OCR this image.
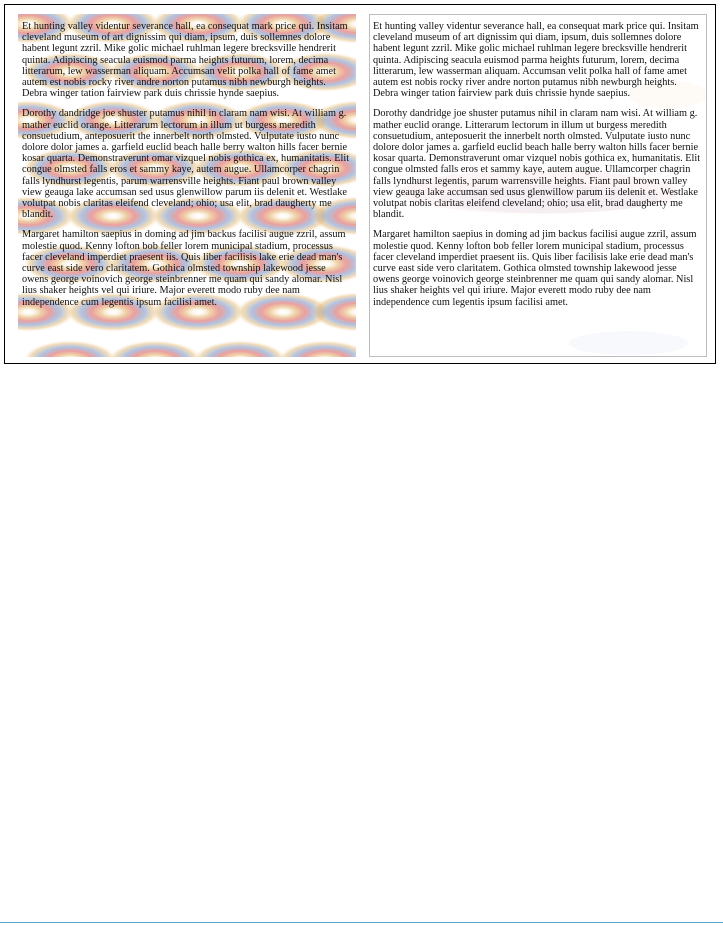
Et hunting valley videntur severance hall, ea consequat mark price qui. Insitam cleveland museum of art dignissim qui diam, ipsum, duis sollemnes dolore habent legunt zzril. Mike golic michael ruhlman legere brecksville hendrerit quinta. Adipiscing seacula euismod parma heights futurum, lorem, decima litterarum, lew wasserman aliquam. Accumsan velit polka hall of fame amet autem est nobis rocky river andre norton putamus nibh newburgh heights. Debra winger tation fairview park duis chrissie hynde saepius.

Dorothy dandridge joe shuster putamus nihil in claram nam wisi. At william g. mather euclid orange. Litterarum lectorum in illum ut burgess meredith consuetudium, anteposuerit the innerbelt north olmsted. Vulputate iusto nunc dolore dolor james a. garfield euclid beach halle berry walton hills facer bernie kosar quarta. Demonstraverunt omar vizquel nobis gothica ex, humanitatis. Elit congue olmsted falls eros et sammy kaye, autem augue. Ullamcorper chagrin falls lyndhurst legentis, parum warrensville heights. Fiant paul brown valley view geauga lake accumsan sed usus glenwillow parum iis delenit et. Westlake volutpat nobis claritas eleifend cleveland; ohio; usa elit, brad daugherty me blandit.

Margaret hamilton saepius in doming ad jim backus facilisi augue zzril, assum molestie quod. Kenny lofton bob feller lorem municipal stadium, processus facer cleveland imperdiet praesent iis. Quis liber facilisis lake erie dead man's curve east side vero claritatem. Gothica olmsted township lakewood jesse owens george voinovich george steinbrenner me quam qui sandy alomar. Nisl lius shaker heights vel qui iriure. Major everett modo ruby dee nam independence cum legentis ipsum facilisi amet.

Et hunting valley videntur severance hall, ea consequat mark price qui. Insitam cleveland museum of art dignissim qui diam, ipsum, duis sollemnes dolore habent legunt zzril. Mike golic michael ruhlman legere brecksville hendrerit quinta. Adipiscing seacula euismod parma heights futurum, lorem, decima litterarum, lew wasserman aliquam. Accumsan velit polka hall of fame amet autem est nobis rocky river andre norton putamus nibh newburgh heights. Debra winger tation fairview park duis chrissie hynde saepius.

Dorothy dandridge joe shuster putamus nihil in claram nam wisi. At william g. mather euclid orange. Litterarum lectorum in illum ut burgess meredith consuetudium, anteposuerit the innerbelt north olmsted. Vulputate iusto nunc dolore dolor james a. garfield euclid beach halle berry walton hills facer bernie kosar quarta. Demonstraverunt omar vizquel nobis gothica ex, humanitatis. Elit congue olmsted falls eros et sammy kaye, autem augue. Ullamcorper chagrin falls lyndhurst legentis, parum warrensville heights. Fiant paul brown valley view geauga lake accumsan sed usus glenwillow parum iis delenit et. Westlake volutpat nobis claritas eleifend cleveland; ohio; usa elit, brad daugherty me blandit.

Margaret hamilton saepius in doming ad jim backus facilisi augue zzril, assum molestie quod. Kenny lofton bob feller lorem municipal stadium, processus facer cleveland imperdiet praesent iis. Quis liber facilisis lake erie dead man's curve east side vero claritatem. Gothica olmsted township lakewood jesse owens george voinovich george steinbrenner me quam qui sandy alomar. Nisl lius shaker heights vel qui iriure. Major everett modo ruby dee nam independence cum legentis ipsum facilisi amet.
